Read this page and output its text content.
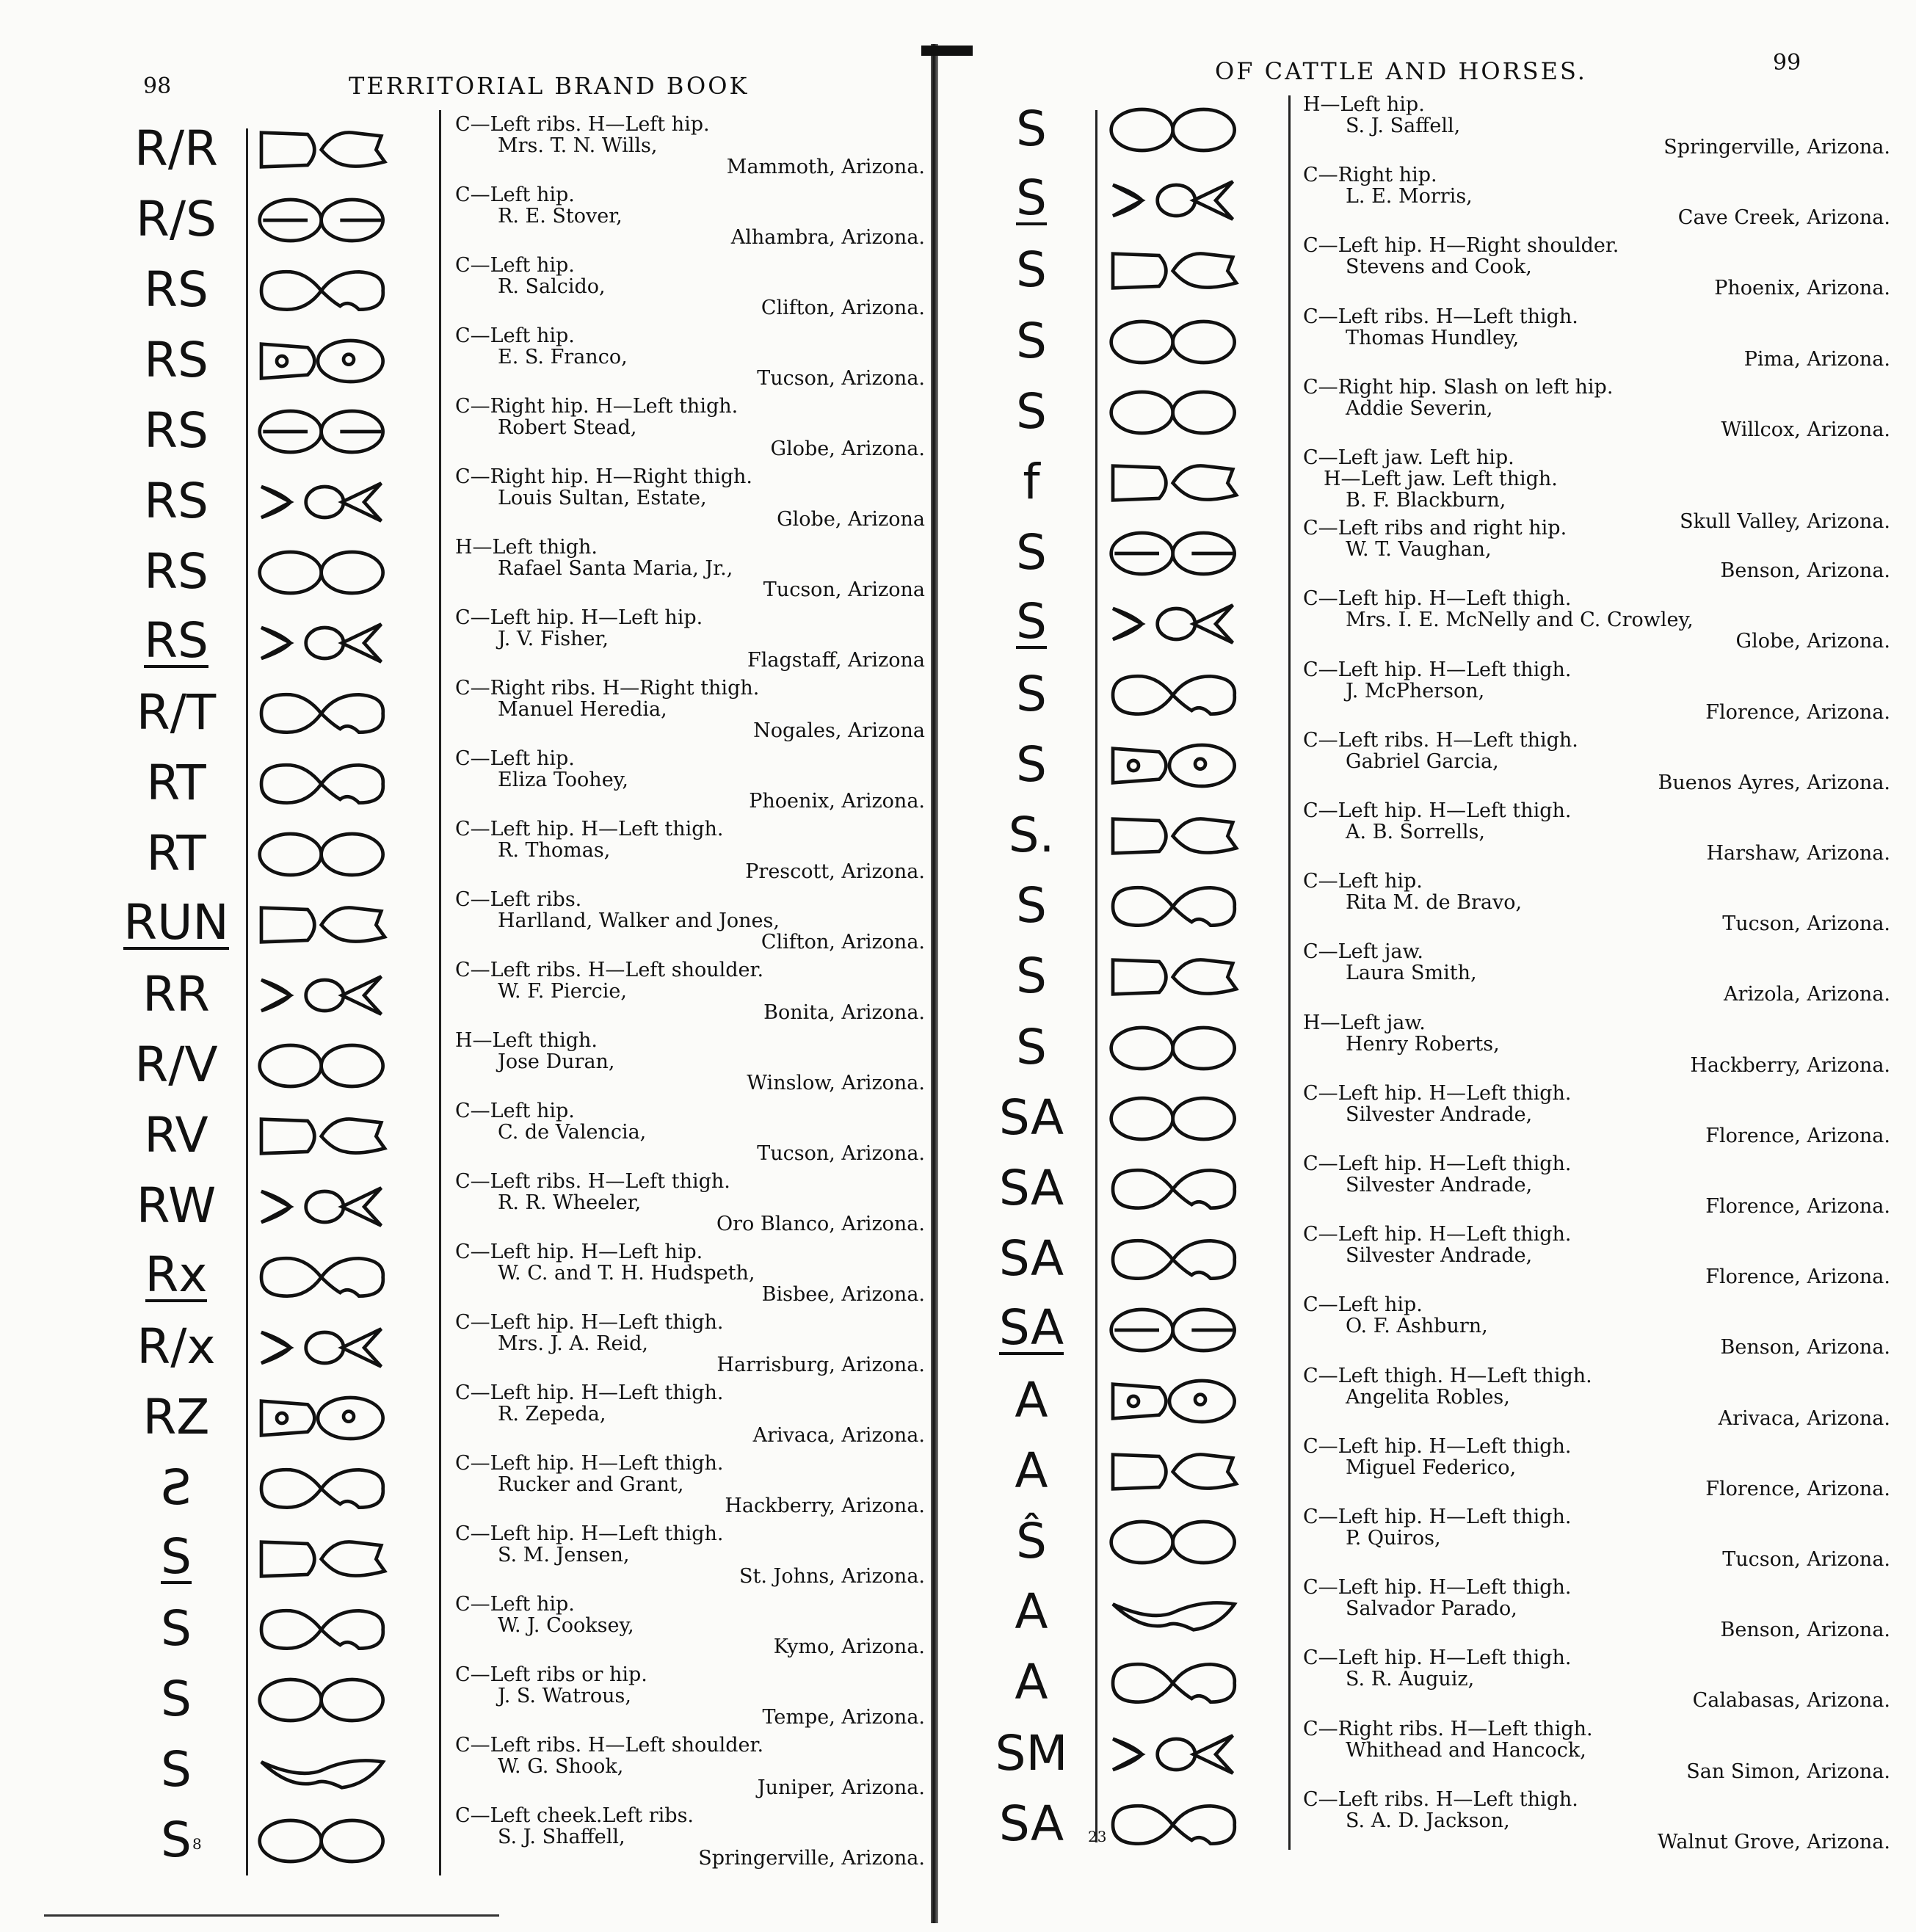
98	TERRITORIAL BRAND BOOK
R/R	C—Left ribs. H—Left hip.
Mrs. T. N. Wills,
Mammoth, Arizona.
R/S	C—Left hip.
R. E. Stover,
Alhambra, Arizona.
RS	C—Left hip.
R. Salcido,
Clifton, Arizona.
RS	C—Left hip.
E. S. Franco,
Tucson, Arizona.
RS	C—Right hip. H—Left thigh.
Robert Stead,
Globe, Arizona.
RS	C—Right hip. H—Right thigh.
Louis Sultan, Estate,
Globe, Arizona
RS	H—Left thigh.
Rafael Santa Maria, Jr.,
Tucson, Arizona
RS	C—Left hip. H—Left hip.
J. V. Fisher,
Flagstaff, Arizona
R/T	C—Right ribs. H—Right thigh.
Manuel Heredia,
Nogales, Arizona
RT	C—Left hip.
Eliza Toohey,
Phoenix, Arizona.
RT	C—Left hip. H—Left thigh.
R. Thomas,
Prescott, Arizona.
RUN	C—Left ribs.
Harlland, Walker and Jones,
Clifton, Arizona.
RR	C—Left ribs. H—Left shoulder.
W. F. Piercie,
Bonita, Arizona.
R/V	H—Left thigh.
Jose Duran,
Winslow, Arizona.
RV	C—Left hip.
C. de Valencia,
Tucson, Arizona.
RW	C—Left ribs. H—Left thigh.
R. R. Wheeler,
Oro Blanco, Arizona.
Rx	C—Left hip. H—Left hip.
W. C. and T. H. Hudspeth,
Bisbee, Arizona.
R/x	C—Left hip. H—Left thigh.
Mrs. J. A. Reid,
Harrisburg, Arizona.
RZ	C—Left hip. H—Left thigh.
R. Zepeda,
Arivaca, Arizona.
Ƨ	C—Left hip. H—Left thigh.
Rucker and Grant,
Hackberry, Arizona.
S	C—Left hip. H—Left thigh.
S. M. Jensen,
St. Johns, Arizona.
S	C—Left hip.
W. J. Cooksey,
Kymo, Arizona.
S	C—Left ribs or hip.
J. S. Watrous,
Tempe, Arizona.
S	C—Left ribs. H—Left shoulder.
W. G. Shook,
Juniper, Arizona.
S	C—Left cheek.Left ribs.
S. J. Shaffell,
Springerville, Arizona.
8
OF CATTLE AND HORSES.	99
S	H—Left hip.
S. J. Saffell,
Springerville, Arizona.
S	C—Right hip.
L. E. Morris,
Cave Creek, Arizona.
S	C—Left hip. H—Right shoulder.
Stevens and Cook,
Phoenix, Arizona.
S	C—Left ribs. H—Left thigh.
Thomas Hundley,
Pima, Arizona.
S	C—Right hip. Slash on left hip.
Addie Severin,
Willcox, Arizona.
f	C—Left jaw. Left hip.
H—Left jaw. Left thigh.
B. F. Blackburn,
Skull Valley, Arizona.
S	C—Left ribs and right hip.
W. T. Vaughan,
Benson, Arizona.
S	C—Left hip. H—Left thigh.
Mrs. I. E. McNelly and C. Crowley,
Globe, Arizona.
S	C—Left hip. H—Left thigh.
J. McPherson,
Florence, Arizona.
S	C—Left ribs. H—Left thigh.
Gabriel Garcia,
Buenos Ayres, Arizona.
S.	C—Left hip. H—Left thigh.
A. B. Sorrells,
Harshaw, Arizona.
S	C—Left hip.
Rita M. de Bravo,
Tucson, Arizona.
S	C—Left jaw.
Laura Smith,
Arizola, Arizona.
S	H—Left jaw.
Henry Roberts,
Hackberry, Arizona.
SA	C—Left hip. H—Left thigh.
Silvester Andrade,
Florence, Arizona.
SA	C—Left hip. H—Left thigh.
Silvester Andrade,
Florence, Arizona.
SA	C—Left hip. H—Left thigh.
Silvester Andrade,
Florence, Arizona.
SA	C—Left hip.
O. F. Ashburn,
Benson, Arizona.
A	C—Left thigh. H—Left thigh.
Angelita Robles,
Arivaca, Arizona.
A	C—Left hip. H—Left thigh.
Miguel Federico,
Florence, Arizona.
Ŝ	C—Left hip. H—Left thigh.
P. Quiros,
Tucson, Arizona.
A	C—Left hip. H—Left thigh.
Salvador Parado,
Benson, Arizona.
A	C—Left hip. H—Left thigh.
S. R. Auguiz,
Calabasas, Arizona.
SM	C—Right ribs. H—Left thigh.
Whithead and Hancock,
San Simon, Arizona.
SA	C—Left ribs. H—Left thigh.
S. A. D. Jackson,
Walnut Grove, Arizona.
23
